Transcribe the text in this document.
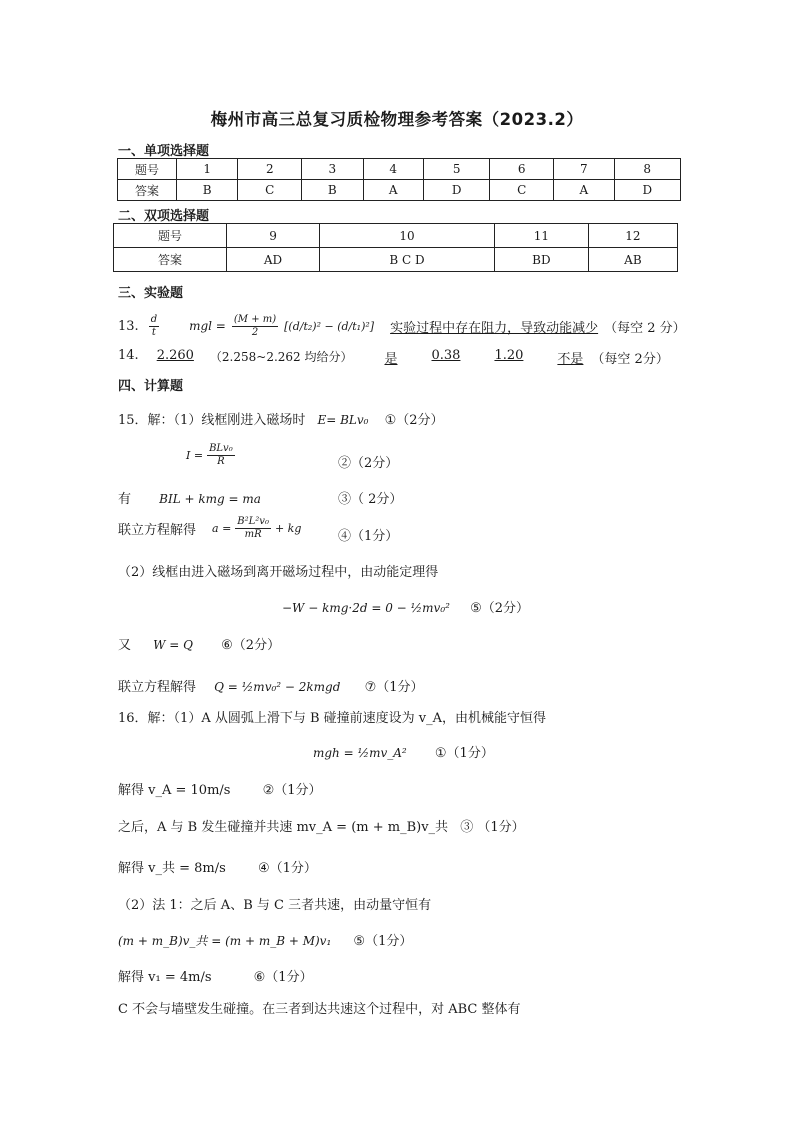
梅州市高三总复习质检物理参考答案（2023.2）
一、单项选择题
题号	1	2	3	4	5	6	7	8
答案	B	C	B	A	D	C	A	D
二、双项选择题
题号	9	10	11	12
答案	AD	B C D	BD	AB
三、实验题
13. $\frac{d}{t}$	mgl = $\frac{(M + m)}{2} [(d/t_2)^2 - (d/t_1)^2]$ 实验过程中存在阻力，导致动能减少 （每空 2 分）
14. 2.260 （2.258~2.262 均给分） 是	0.38	1.20	不是 （每空 2分）
四、计算题
15．解：（1）线框刚进入磁场时 E= BLv₀ ①（2分）
$I = \frac{\text{BLv₀}}{R}$	②（2分）
有 BIL + kmg = ma	③（ 2分）
联立方程解得 $a = \frac{\text{B²L²v₀}}{mR}$ + kg
④（1分）
（2）线框由进入磁场到离开磁场过程中，由动能定理得
−W − kmg·2d = 0 − ½mv₀² ⑤（2分）
又 W = Q ⑥（2分）
联立方程解得 Q = ½mv₀² − 2kmgd ⑦（1分）
16．解：（1）A 从圆弧上滑下与 B 碰撞前速度设为 v_A，由机械能守恒得
mgh = ½mv_A² ①（1分）
解得 v_A = 10m/s ②（1分）
之后，A 与 B 发生碰撞并共速 mv_A = (m + m_B)v_共 ③ （1分）
解得 v_共 = 8m/s ④（1分）
（2）法 1：之后 A、B 与 C 三者共速，由动量守恒有
(m + m_B)v_共 = (m + m_B + M)v₁ ⑤（1分）
解得 v₁ = 4m/s	⑥（1分）
C 不会与墙壁发生碰撞。在三者到达共速这个过程中，对 ABC 整体有
